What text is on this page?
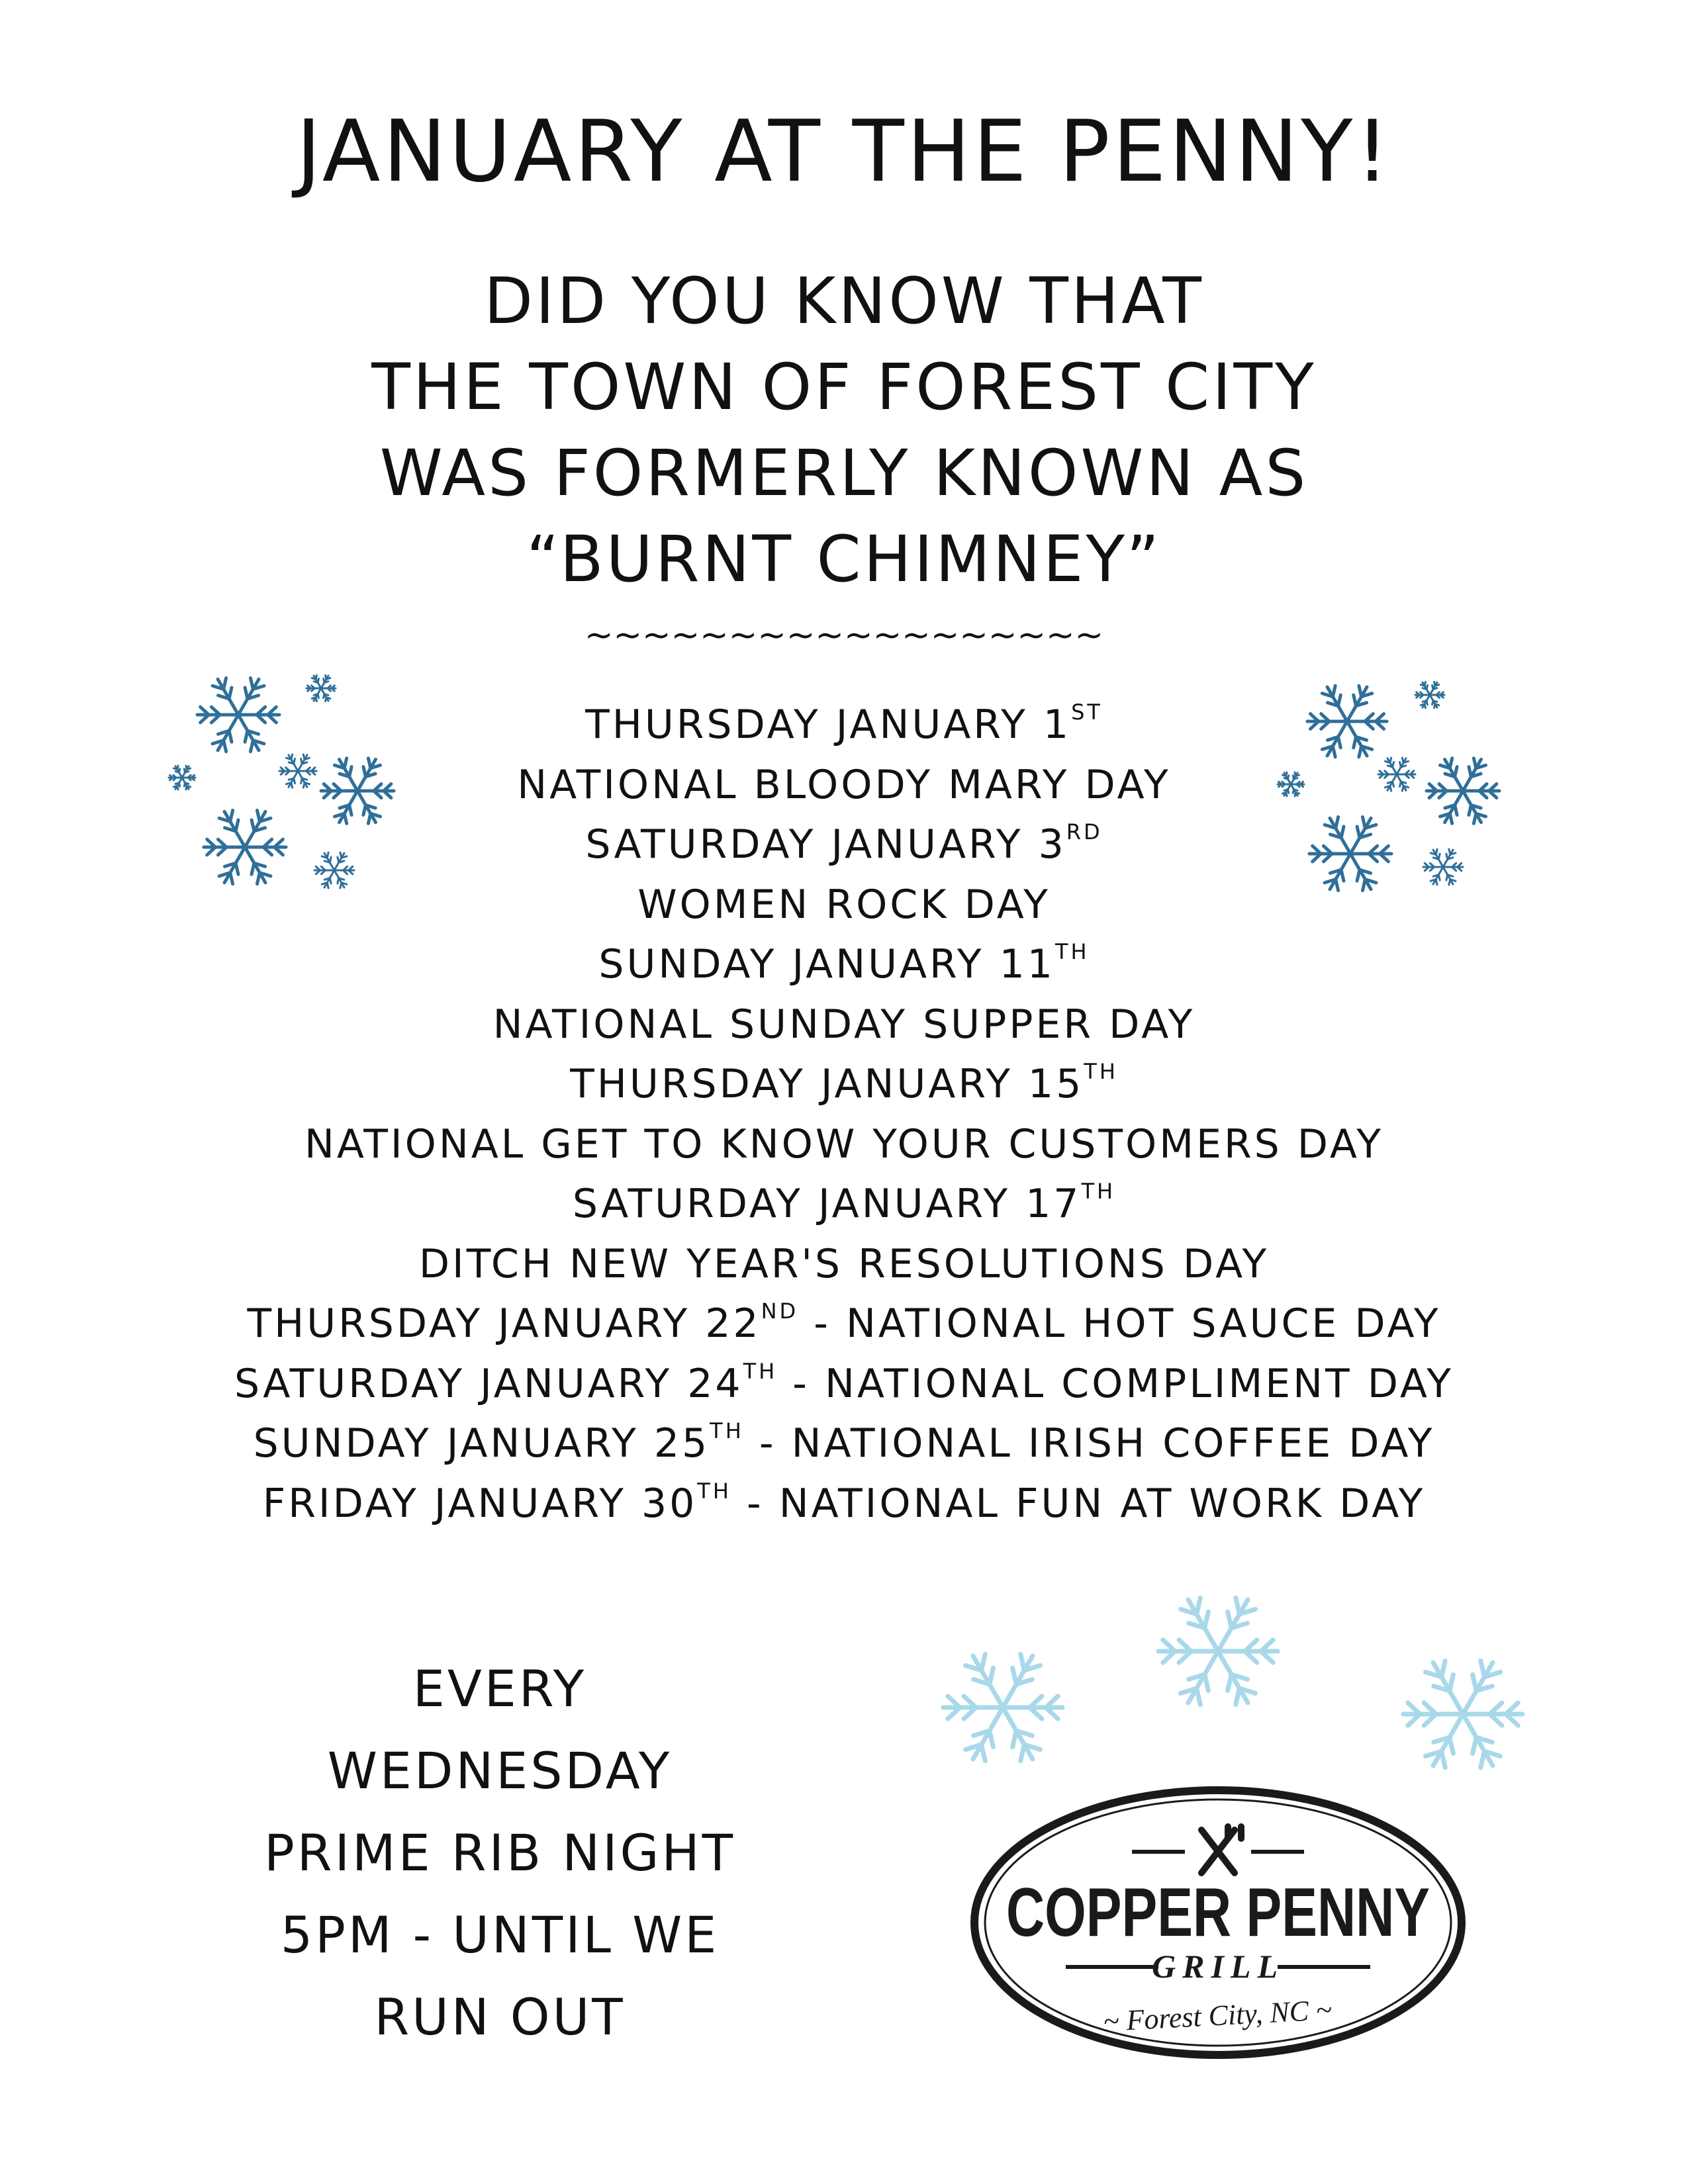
JANUARY AT THE PENNY!
DID YOU KNOW THAT
THE TOWN OF FOREST CITY
WAS FORMERLY KNOWN AS
“BURNT CHIMNEY”
~~~~~~~~~~~~~~~~~~
THURSDAY JANUARY 1ST
NATIONAL BLOODY MARY DAY
SATURDAY JANUARY 3RD
WOMEN ROCK DAY
SUNDAY JANUARY 11TH
NATIONAL SUNDAY SUPPER DAY
THURSDAY JANUARY 15TH
NATIONAL GET TO KNOW YOUR CUSTOMERS DAY
SATURDAY JANUARY 17TH
DITCH NEW YEAR'S RESOLUTIONS DAY
THURSDAY JANUARY 22ND - NATIONAL HOT SAUCE DAY
SATURDAY JANUARY 24TH - NATIONAL COMPLIMENT DAY
SUNDAY JANUARY 25TH - NATIONAL IRISH COFFEE DAY
FRIDAY JANUARY 30TH - NATIONAL FUN AT WORK DAY
EVERY
WEDNESDAY
PRIME RIB NIGHT
5PM - UNTIL WE
RUN OUT
COPPER PENNY
GRILL
~ Forest City, NC ~
